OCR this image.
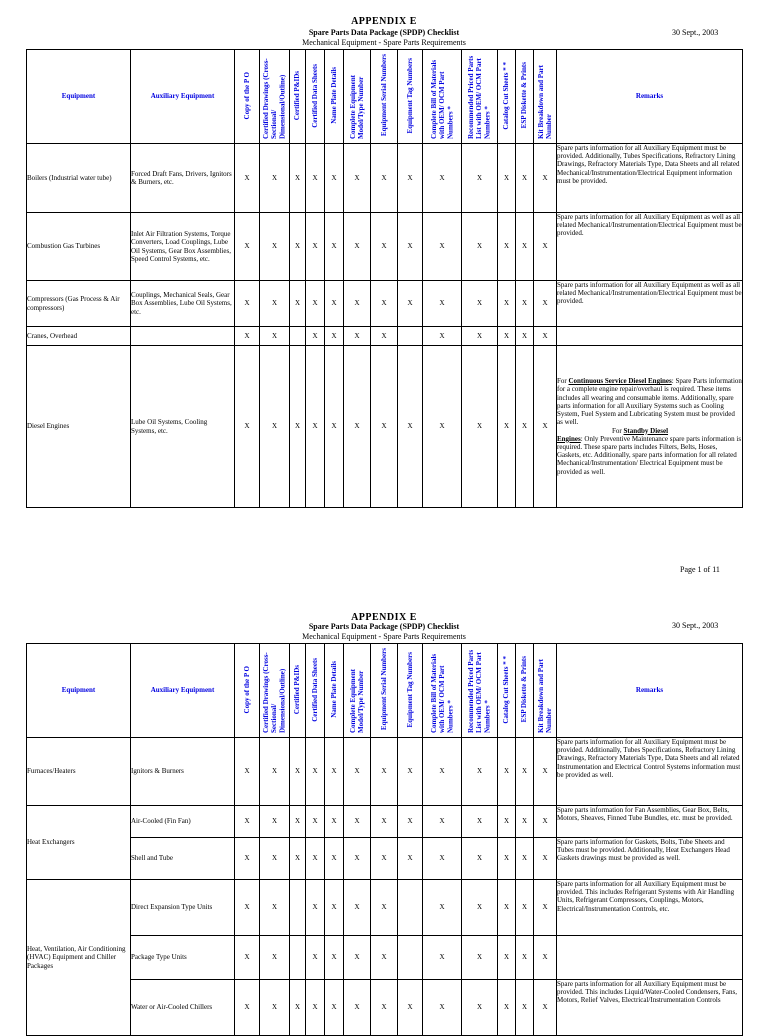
APPENDIX E
Spare Parts Data Package (SPDP) Checklist
Mechanical Equipment - Spare Parts Requirements
30 Sept., 2003
Equipment	Auxiliary Equipment	Copy of the P O	Certified Drawings (Cross-Sectional/ Dimensional/Outline)	Certified P&IDs	Certified Data Sheets	Name Plate Details	Complete Equipment Model/Type Number	Equipment Serial Numbers	Equipment Tag Numbers	Complete Bill of Materials with OEM/ OCM Part Numbers *	Recommended Priced Parts List with OEM/ OCM Part Numbers *	Catalog Cut Sheets * *	ESP Diskette & Prints	Kit Breakdown and Part Number	Remarks
Boilers (Industrial water tube)	Forced Draft Fans, Drivers, Ignitors & Burners, etc.	X	X	X	X	X	X	X	X	X	X	X	X	X	Spare parts information for all Auxiliary Equipment must be provided. Additionally, Tubes Specifications, Refractory Lining Drawings, Refractory Materials Type, Data Sheets and all related Mechanical/Instrumentation/Electrical Equipment information must be provided.
Combustion Gas Turbines	Inlet Air Filtration Systems, Torque Converters, Load Couplings, Lube Oil Systems, Gear Box Assemblies, Speed Control Systems, etc.	X	X	X	X	X	X	X	X	X	X	X	X	X	Spare parts information for all Auxiliary Equipment as well as all related Mechanical/Instrumentation/Electrical Equipment must be provided.
Compressors (Gas Process & Air compressors)	Couplings, Mechanical Seals, Gear Box Assemblies, Lube Oil Systems, etc.	X	X	X	X	X	X	X	X	X	X	X	X	X	Spare parts information for all Auxiliary Equipment as well as all related Mechanical/Instrumentation/Electrical Equipment must be provided.
Cranes, Overhead		X	X		X	X	X	X		X	X	X	X	X	
Diesel Engines	Lube Oil Systems, Cooling Systems, etc.	X	X	X	X	X	X	X	X	X	X	X	X	X	For Continuous Service Diesel Engines: Spare Parts information for a complete engine repair/overhaul is required. These items includes all wearing and consumable items. Additionally, spare parts information for all Auxiliary Systems such as Cooling System, Fuel System and Lubricating System must be provided as well.
For Standby Diesel
Engines: Only Preventive Maintenance spare parts information is required. These spare parts includes Filters, Belts, Hoses, Gaskets, etc. Additionally, spare parts information for all related Mechanical/Instrumentation/ Electrical Equipment must be provided as well.
Page 1 of 11
APPENDIX E
Spare Parts Data Package (SPDP) Checklist
Mechanical Equipment - Spare Parts Requirements
30 Sept., 2003
Equipment	Auxiliary Equipment	Copy of the P O	Certified Drawings (Cross-Sectional/ Dimensional/Outline)	Certified P&IDs	Certified Data Sheets	Name Plate Details	Complete Equipment Model/Type Number	Equipment Serial Numbers	Equipment Tag Numbers	Complete Bill of Materials with OEM/ OCM Part Numbers *	Recommended Priced Parts List with OEM/ OCM Part Numbers *	Catalog Cut Sheets * *	ESP Diskette & Prints	Kit Breakdown and Part Number	Remarks
Furnaces/Heaters	Ignitors & Burners	X	X	X	X	X	X	X	X	X	X	X	X	X	Spare parts information for all Auxiliary Equipment must be provided. Additionally, Tubes Specifications, Refractory Lining Drawings, Refractory Materials Type, Data Sheets and all related Instrumentation and Electrical Control Systems information must be provided as well.
Heat Exchangers	Air-Cooled (Fin Fan)	X	X	X	X	X	X	X	X	X	X	X	X	X	Spare parts information for Fan Assemblies, Gear Box, Belts, Motors, Sheaves, Finned Tube Bundles, etc. must be provided.
	Shell and Tube	X	X	X	X	X	X	X	X	X	X	X	X	X	Spare parts information for Gaskets, Bolts, Tube Sheets and Tubes must be provided. Additionally, Heat Exchangers Head Gaskets drawings must be provided as well.
Heat, Ventilation, Air Conditioning (HVAC) Equipment and Chiller Packages	Direct Expansion Type Units	X	X		X	X	X	X		X	X	X	X	X	Spare parts information for all Auxiliary Equipment must be provided. This includes Refrigerant Systems with Air Handling Units, Refrigerant Compressors, Couplings, Motors, Electrical/Instrumentation Controls, etc.
	Package Type Units	X	X		X	X	X	X		X	X	X	X	X	
	Water or Air-Cooled Chillers	X	X	X	X	X	X	X	X	X	X	X	X	X	Spare parts information for all Auxiliary Equipment must be provided. This includes Liquid/Water-Cooled Condensers, Fans, Motors, Relief Valves, Electrical/Instrumentation Controls
